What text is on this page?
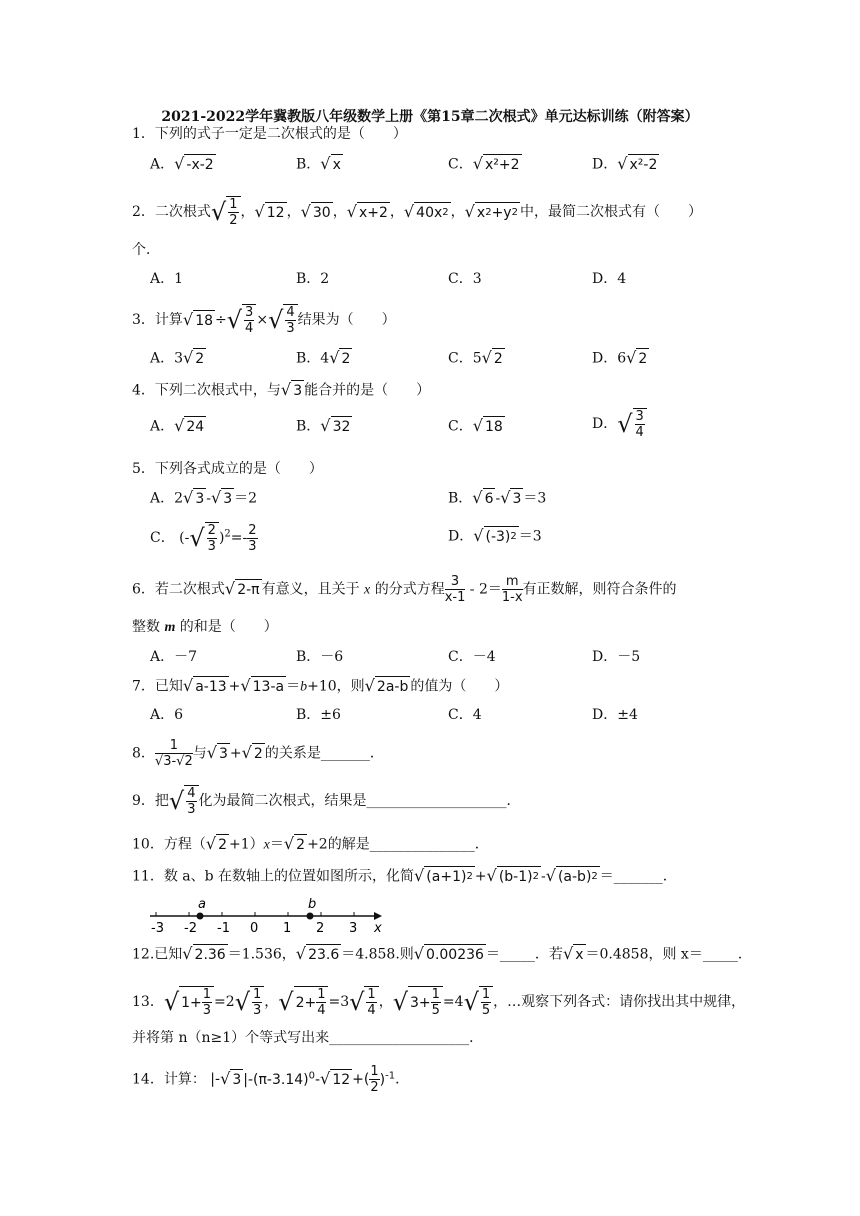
2021-2022学年冀教版八年级数学上册《第15章二次根式》单元达标训练（附答案）
1．下列的式子一定是二次根式的是（　　）
A． √ -x-2	B． √ x	C． √ x²+2	D． √ x²-2
2．二次根式 √ $\frac{1}{2}$ ， √ 12 ， √ 30 ， √ x+2 ， √ 40x 2 ， √ x 2 +y 2 中，最简二次根式有（　　）
个．
A．1	B．2	C．3	D．4
3．计算 √ 18 ÷ √ $\frac{3}{4}$ × √ $\frac{4}{3}$ 结果为（　　）
A．3 √ 2	B．4 √ 2	C．5 √ 2	D．6 √ 2
4．下列二次根式中，与 √ 3 能合并的是（　　）
A． √ 24	B． √ 32	C． √ 18	D． √ $\frac{3}{4}$
5．下列各式成立的是（　　）
A．2 √ 3 - √ 3 ＝2	B． √ 6 - √ 3 ＝3
C． (- √ $\frac{2}{3} )^2=- \frac{2}{3}$	D． √ (-3) 2 ＝3
6．若二次根式 √ 2-π 有意义，且关于 x 的分式方程 $\frac{3}{x-1} - 2= \frac{m}{1-x}$ 有正数解，则符合条件的
整数 m 的和是（　　）
A．－7	B．－6	C．－4	D．－5
7．已知 √ a-13 + √ 13-a ＝b+10，则 √ 2a-b 的值为（　　）
A．6	B．±6	C．4	D．±4
8． $\frac{1}{√3-√2}$ 与 √ 3 + √ 2 的关系是_______．
9．把 √ $\frac{4}{3}$ 化为最简二次根式，结果是____________________．
10．方程（ √ 2 +1）x＝ √ 2 +2的解是_______________．
11．数 a、b 在数轴上的位置如图所示，化简 √ (a+1) 2 + √ (b-1) 2 - √ (a-b) 2 ＝_______．
-3 -2 -1 0 1 2 3
a	b
x
12.已知 √ 2.36 ＝1.536， √ 23.6 ＝4.858.则 √ 0.00236 ＝_____．若 √ x ＝0.4858，则 x＝_____．
13． √ $1+ \frac{1}{3} =2$ √ $\frac{1}{3}$ ， √ $2+ \frac{1}{4} =3$ √ $\frac{1}{4}$ ， √ $3+ \frac{1}{5} =4$ √ $\frac{1}{5}$ ，…观察下列各式：请你找出其中规律，
并将第 n（n≥1）个等式写出来____________________．
14．计算： |- √ 3 $|-(\pi-3.14)^0-$ √ 12 +( $\frac{1}{2} )^{-1}$．
